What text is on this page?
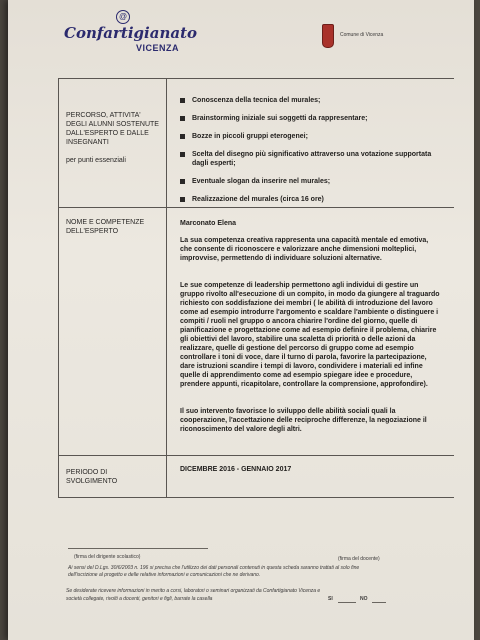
@
Confartigianato
VICENZA
Comune di Vicenza
PERCORSO, ATTIVITA' DEGLI ALUNNI SOSTENUTE DALL'ESPERTO E DALLE INSEGNANTI
per punti essenziali
Conoscenza della tecnica del murales;
Brainstorming iniziale sui soggetti da rappresentare;
Bozze in piccoli gruppi eterogenei;
Scelta del disegno più significativo attraverso una votazione supportata dagli esperti;
Eventuale slogan da inserire nel murales;
Realizzazione del murales (circa 16 ore)
NOME E COMPETENZE DELL'ESPERTO
Marconato Elena

La sua competenza creativa rappresenta una capacità mentale ed emotiva, che consente di riconoscere e valorizzare anche dimensioni molteplici, improvvise, permettendo di individuare soluzioni alternative.

Le sue competenze di leadership permettono agli individui di gestire un gruppo rivolto all'esecuzione di un compito, in modo da giungere al traguardo richiesto con soddisfazione dei membri ( le abilità di introduzione del lavoro come ad esempio introdurre l'argomento e scaldare l'ambiente o distinguere i compiti / ruoli nel gruppo o ancora chiarire l'ordine del giorno, quelle di pianificazione e progettazione come ad esempio definire il problema, chiarire gli obiettivi del lavoro, stabilire una scaletta di priorità o delle azioni da realizzare, quelle di gestione del percorso di gruppo come ad esempio controllare i toni di voce, dare il turno di parola, favorire la partecipazione, dare istruzioni scandire i tempi di lavoro, condividere i materiali ed infine quelle di apprendimento come ad esempio spiegare idee e procedure, prendere appunti, ricapitolare, controllare la comprensione, approfondire).

Il suo intervento favorisce lo sviluppo delle abilità sociali quali la cooperazione, l'accettazione delle reciproche differenze, la negoziazione il riconoscimento del valore degli altri.

PERIODO DI SVOLGIMENTO
DICEMBRE 2016 - GENNAIO 2017
(firma del dirigente scolastico)	(firma del docente)
Ai sensi del D.Lgs. 30/6/2003 n. 196 si precisa che l'utilizzo dei dati personali contenuti in questa scheda saranno trattati al solo fine
dell'iscrizione al progetto e delle relative informazioni e comunicazioni che ne derivano.
Se desiderate ricevere informazioni in merito a corsi, laboratori o seminari organizzati da Confartigianato Vicenza e
società collegate, rivolti a docenti, genitori e figli, barrate la casella	SI	NO
